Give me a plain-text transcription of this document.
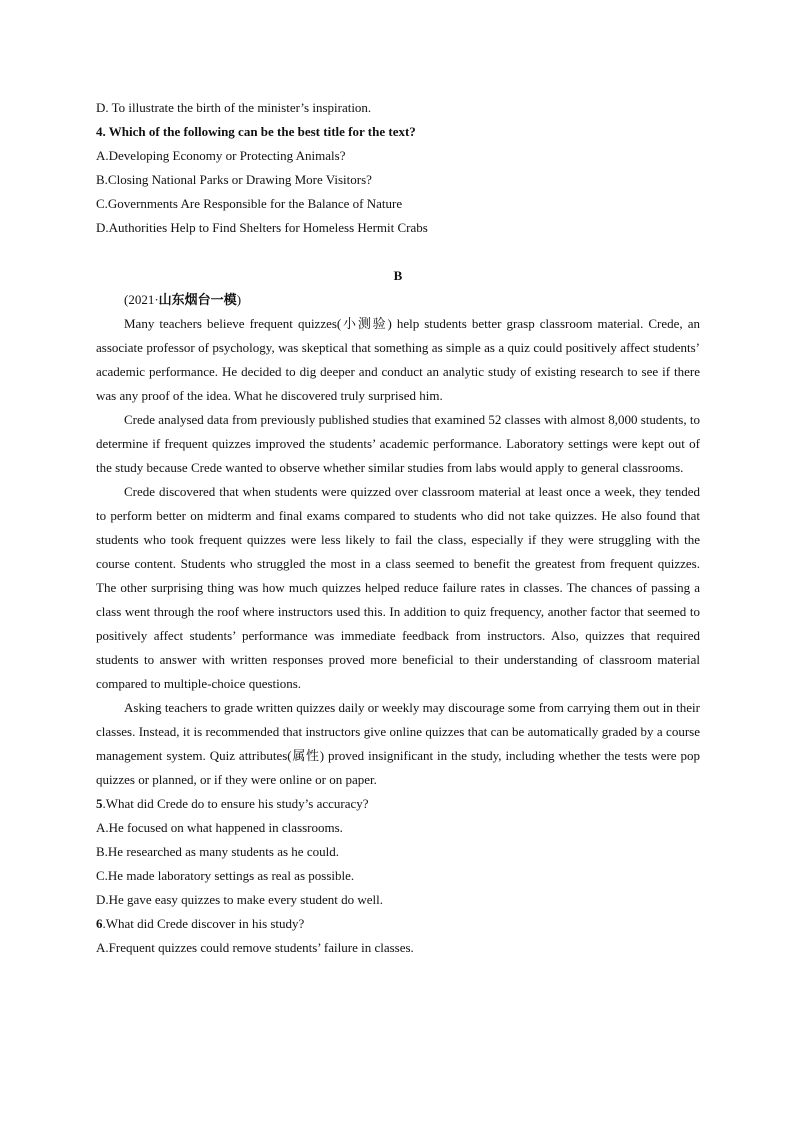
D. To illustrate the birth of the minister’s inspiration.
4. Which of the following can be the best title for the text?
A.Developing Economy or Protecting Animals?
B.Closing National Parks or Drawing More Visitors?
C.Governments Are Responsible for the Balance of Nature
D.Authorities Help to Find Shelters for Homeless Hermit Crabs
B
(2021·山东烟台一模)

Many teachers believe frequent quizzes(小测验) help students better grasp classroom material. Crede, an associate professor of psychology, was skeptical that something as simple as a quiz could positively affect students’ academic performance. He decided to dig deeper and conduct an analytic study of existing research to see if there was any proof of the idea. What he discovered truly surprised him.

Crede analysed data from previously published studies that examined 52 classes with almost 8,000 students, to determine if frequent quizzes improved the students’ academic performance. Laboratory settings were kept out of the study because Crede wanted to observe whether similar studies from labs would apply to general classrooms.

Crede discovered that when students were quizzed over classroom material at least once a week, they tended to perform better on midterm and final exams compared to students who did not take quizzes. He also found that students who took frequent quizzes were less likely to fail the class, especially if they were struggling with the course content. Students who struggled the most in a class seemed to benefit the greatest from frequent quizzes. The other surprising thing was how much quizzes helped reduce failure rates in classes. The chances of passing a class went through the roof where instructors used this. In addition to quiz frequency, another factor that seemed to positively affect students’ performance was immediate feedback from instructors. Also, quizzes that required students to answer with written responses proved more beneficial to their understanding of classroom material compared to multiple-choice questions.

Asking teachers to grade written quizzes daily or weekly may discourage some from carrying them out in their classes. Instead, it is recommended that instructors give online quizzes that can be automatically graded by a course management system. Quiz attributes(属性) proved insignificant in the study, including whether the tests were pop quizzes or planned, or if they were online or on paper.

5.What did Crede do to ensure his study’s accuracy?
A.He focused on what happened in classrooms.
B.He researched as many students as he could.
C.He made laboratory settings as real as possible.
D.He gave easy quizzes to make every student do well.
6.What did Crede discover in his study?
A.Frequent quizzes could remove students’ failure in classes.
